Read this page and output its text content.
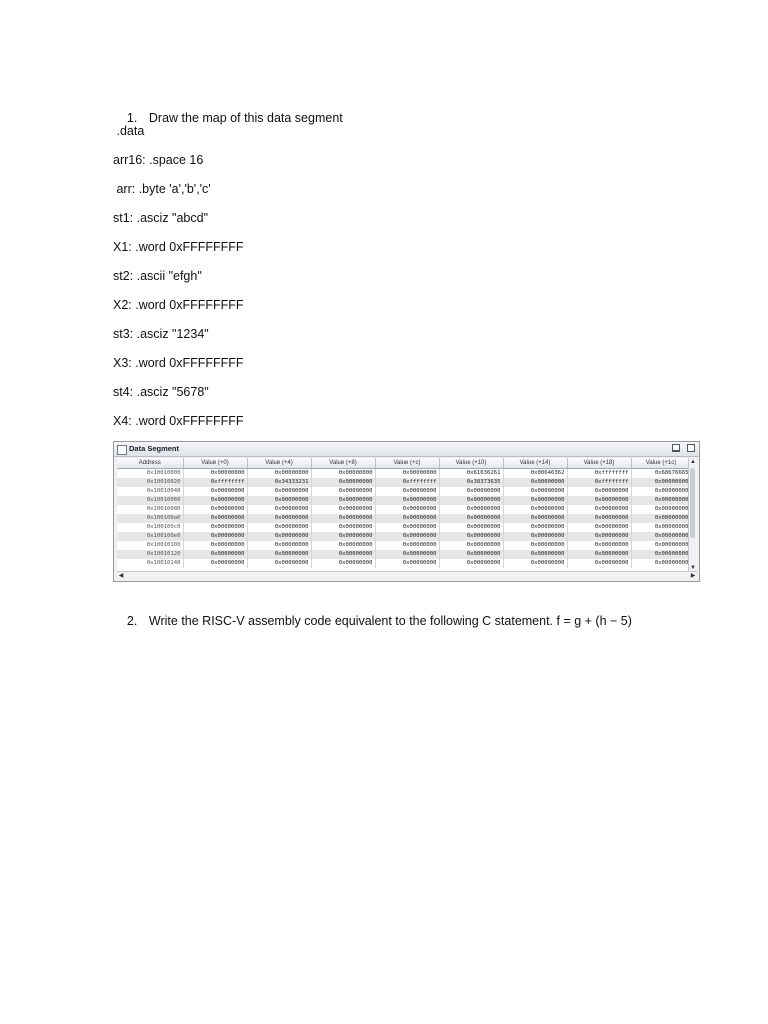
1. Draw the map of this data segment

.data
arr16: .space 16
arr: .byte 'a','b','c'
st1: .asciz "abcd"
X1: .word 0xFFFFFFFF
st2: .ascii "efgh"
X2: .word 0xFFFFFFFF
st3: .asciz "1234"
X3: .word 0xFFFFFFFF
st4: .asciz "5678"
X4: .word 0xFFFFFFFF
Data Segment

Address	Value (+0)	Value (+4)	Value (+8)	Value (+c)	Value (+10)	Value (+14)	Value (+18)	Value (+1c)
0x10010000	0x00000000	0x00000000	0x00000000	0x00000000	0x61636261	0x00646362	0xffffffff	0x68676665
0x10010020	0xffffffff	0x34333231	0x00000000	0xffffffff	0x38373635	0x00000000	0xffffffff	0x00000000
0x10010040	0x00000000	0x00000000	0x00000000	0x00000000	0x00000000	0x00000000	0x00000000	0x00000000
0x10010060	0x00000000	0x00000000	0x00000000	0x00000000	0x00000000	0x00000000	0x00000000	0x00000000
0x10010080	0x00000000	0x00000000	0x00000000	0x00000000	0x00000000	0x00000000	0x00000000	0x00000000
0x100100a0	0x00000000	0x00000000	0x00000000	0x00000000	0x00000000	0x00000000	0x00000000	0x00000000
0x100100c0	0x00000000	0x00000000	0x00000000	0x00000000	0x00000000	0x00000000	0x00000000	0x00000000
0x100100e0	0x00000000	0x00000000	0x00000000	0x00000000	0x00000000	0x00000000	0x00000000	0x00000000
0x10010100	0x00000000	0x00000000	0x00000000	0x00000000	0x00000000	0x00000000	0x00000000	0x00000000
0x10010120	0x00000000	0x00000000	0x00000000	0x00000000	0x00000000	0x00000000	0x00000000	0x00000000
0x10010140	0x00000000	0x00000000	0x00000000	0x00000000	0x00000000	0x00000000	0x00000000	0x00000000
▲
▼
◀	▶

2. Write the RISC-V assembly code equivalent to the following C statement. f = g + (h − 5)
